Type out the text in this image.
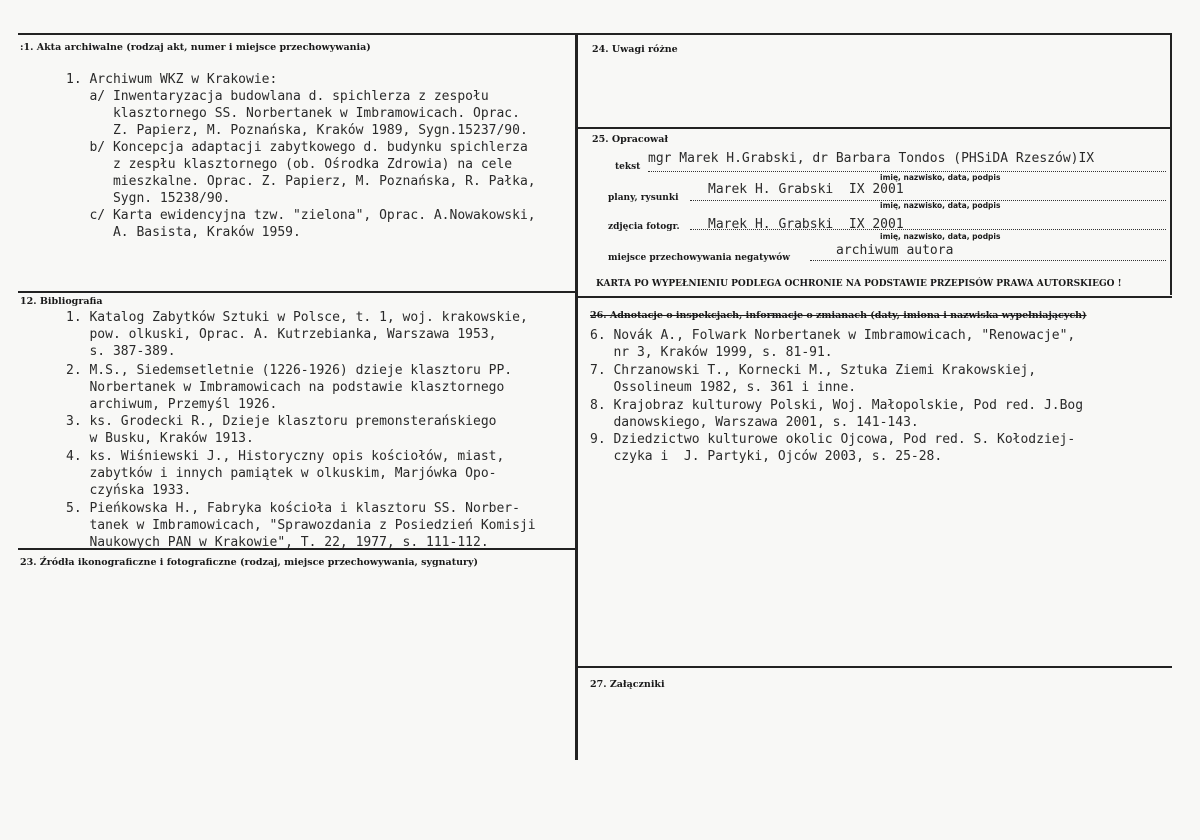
:1. Akta archiwalne (rodzaj akt, numer i miejsce przechowywania)
1. Archiwum WKZ w Krakowie:
a/ Inwentaryzacja budowlana d. spichlerza z zespołu
klasztornego SS. Norbertanek w Imbramowicach. Oprac.
Z. Papierz, M. Poznańska, Kraków 1989, Sygn.15237/90.
b/ Koncepcja adaptacji zabytkowego d. budynku spichlerza
z zespłu klasztornego (ob. Ośrodka Zdrowia) na cele
mieszkalne. Oprac. Z. Papierz, M. Poznańska, R. Pałka,
Sygn. 15238/90.
c/ Karta ewidencyjna tzw. "zielona", Oprac. A.Nowakowski,
A. Basista, Kraków 1959.
12. Bibliografia
1. Katalog Zabytków Sztuki w Polsce, t. 1, woj. krakowskie,
pow. olkuski, Oprac. A. Kutrzebianka, Warszawa 1953,
s. 387-389.
2. M.S., Siedemsetletnie (1226-1926) dzieje klasztoru PP.
Norbertanek w Imbramowicach na podstawie klasztornego
archiwum, Przemyśl 1926.
3. ks. Grodecki R., Dzieje klasztoru premonsterańskiego
w Busku, Kraków 1913.
4. ks. Wiśniewski J., Historyczny opis kościołów, miast,
zabytków i innych pamiątek w olkuskim, Marjówka Opo-
czyńska 1933.
5. Pieńkowska H., Fabryka kościoła i klasztoru SS. Norber-
tanek w Imbramowicach, "Sprawozdania z Posiedzień Komisji
Naukowych PAN w Krakowie", T. 22, 1977, s. 111-112.
23. Źródła ikonograficzne i fotograficzne (rodzaj, miejsce przechowywania, sygnatury)
24. Uwagi różne
25. Opracował
tekst
mgr Marek H.Grabski, dr Barbara Tondos (PHSiDA Rzeszów)IX
imię, nazwisko, data, podpis
plany, rysunki
Marek H. Grabski  IX 2001
imię, nazwisko, data, podpis
zdjęcia fotogr. Marek H. Grabski  IX 2001
imię, nazwisko, data, podpis
miejsce przechowywania negatywów	archiwum autora
KARTA PO WYPEŁNIENIU PODLEGA OCHRONIE NA PODSTAWIE PRZEPISÓW PRAWA AUTORSKIEGO !
26. Adnotacje o inspekcjach, informacje o zmianach (daty, imiona i nazwiska wypełniających)
6. Novák A., Folwark Norbertanek w Imbramowicach, "Renowacje",
nr 3, Kraków 1999, s. 81-91.
7. Chrzanowski T., Kornecki M., Sztuka Ziemi Krakowskiej,
Ossolineum 1982, s. 361 i inne.
8. Krajobraz kulturowy Polski, Woj. Małopolskie, Pod red. J.Bog
danowskiego, Warszawa 2001, s. 141-143.
9. Dziedzictwo kulturowe okolic Ojcowa, Pod red. S. Kołodziej-
czyka i  J. Partyki, Ojców 2003, s. 25-28.
27. Załączniki
